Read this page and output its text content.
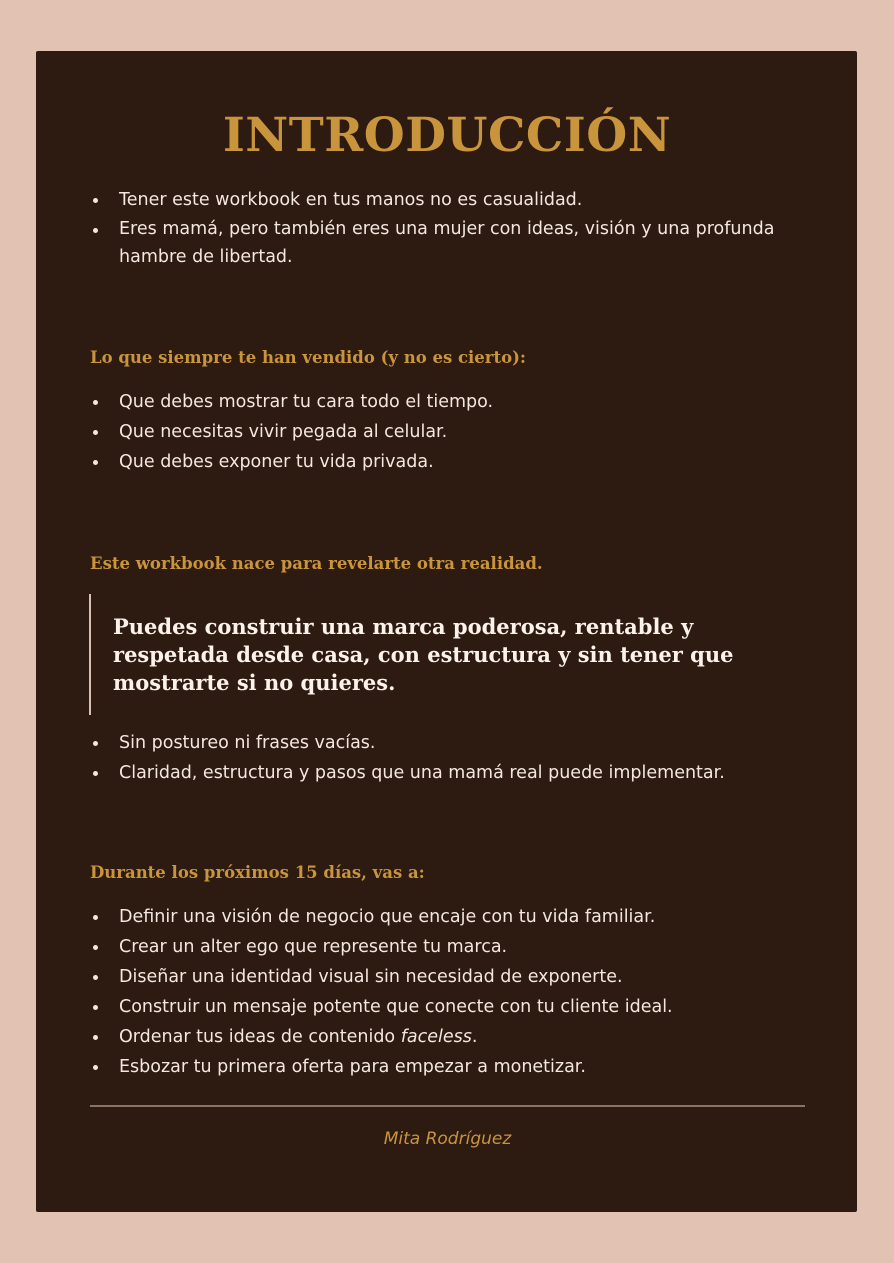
INTRODUCCIÓN
Tener este workbook en tus manos no es casualidad.
Eres mamá, pero también eres una mujer con ideas, visión y una profunda hambre de libertad.
Lo que siempre te han vendido (y no es cierto):
Que debes mostrar tu cara todo el tiempo.
Que necesitas vivir pegada al celular.
Que debes exponer tu vida privada.
Este workbook nace para revelarte otra realidad.

Puedes construir una marca poderosa, rentable y respetada desde casa, con estructura y sin tener que mostrarte si no quieres.

Sin postureo ni frases vacías.
Claridad, estructura y pasos que una mamá real puede implementar.
Durante los próximos 15 días, vas a:
Definir una visión de negocio que encaje con tu vida familiar.
Crear un alter ego que represente tu marca.
Diseñar una identidad visual sin necesidad de exponerte.
Construir un mensaje potente que conecte con tu cliente ideal.
Ordenar tus ideas de contenido faceless.
Esbozar tu primera oferta para empezar a monetizar.

Mita Rodríguez
